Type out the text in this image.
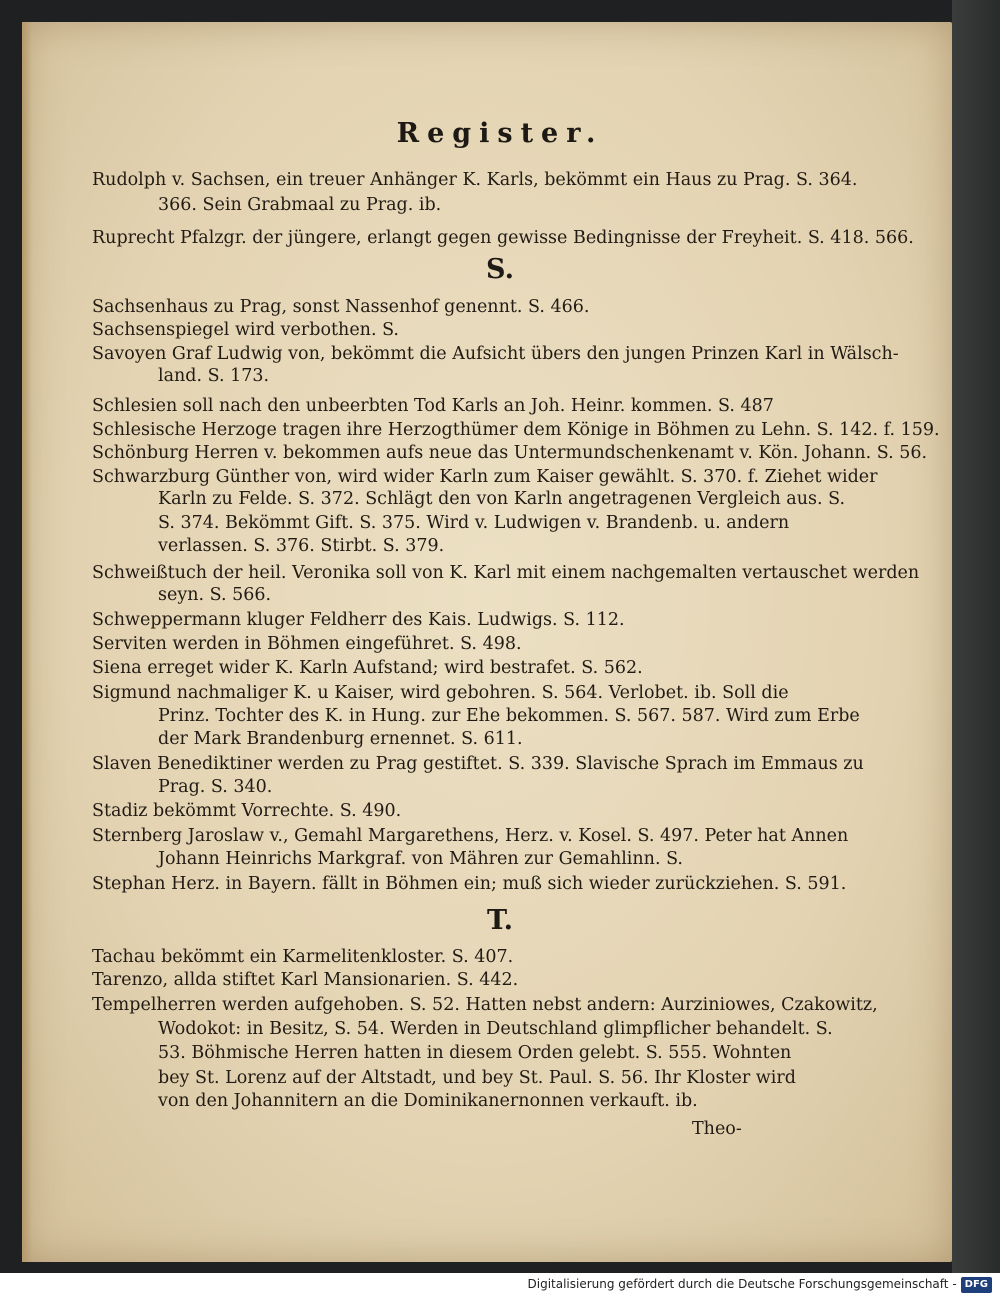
Register.
Rudolph v. Sachsen, ein treuer Anhänger K. Karls, bekömmt ein Haus zu Prag. S. 364.
366. Sein Grabmaal zu Prag. ib.
Ruprecht Pfalzgr. der jüngere, erlangt gegen gewisse Bedingnisse der Freyheit. S. 418. 566.
S.
Sachsenhaus zu Prag, sonst Nassenhof genennt. S. 466.
Sachsenspiegel wird verbothen. S.
Savoyen Graf Ludwig von, bekömmt die Aufsicht übers den jungen Prinzen Karl in Wälsch-
land. S. 173.
Schlesien soll nach den unbeerbten Tod Karls an Joh. Heinr. kommen. S. 487
Schlesische Herzoge tragen ihre Herzogthümer dem Könige in Böhmen zu Lehn. S. 142. f. 159.
Schönburg Herren v. bekommen aufs neue das Untermundschenkenamt v. Kön. Johann. S. 56.
Schwarzburg Günther von, wird wider Karln zum Kaiser gewählt. S. 370. f. Ziehet wider
Karln zu Felde. S. 372. Schlägt den von Karln angetragenen Vergleich aus. S.
S. 374. Bekömmt Gift. S. 375. Wird v. Ludwigen v. Brandenb. u. andern
verlassen. S. 376. Stirbt. S. 379.
Schweißtuch der heil. Veronika soll von K. Karl mit einem nachgemalten vertauschet werden
seyn. S. 566.
Schweppermann kluger Feldherr des Kais. Ludwigs. S. 112.
Serviten werden in Böhmen eingeführet. S. 498.
Siena erreget wider K. Karln Aufstand; wird bestrafet. S. 562.
Sigmund nachmaliger K. u Kaiser, wird gebohren. S. 564. Verlobet. ib. Soll die
Prinz. Tochter des K. in Hung. zur Ehe bekommen. S. 567. 587. Wird zum Erbe
der Mark Brandenburg ernennet. S. 611.
Slaven Benediktiner werden zu Prag gestiftet. S. 339. Slavische Sprach im Emmaus zu
Prag. S. 340.
Stadiz bekömmt Vorrechte. S. 490.
Sternberg Jaroslaw v., Gemahl Margarethens, Herz. v. Kosel. S. 497. Peter hat Annen
Johann Heinrichs Markgraf. von Mähren zur Gemahlinn. S.
Stephan Herz. in Bayern. fällt in Böhmen ein; muß sich wieder zurückziehen. S. 591.
T.
Tachau bekömmt ein Karmelitenkloster. S. 407.
Tarenzo, allda stiftet Karl Mansionarien. S. 442.
Tempelherren werden aufgehoben. S. 52. Hatten nebst andern: Aurziniowes, Czakowitz,
Wodokot: in Besitz, S. 54. Werden in Deutschland glimpflicher behandelt. S.
53. Böhmische Herren hatten in diesem Orden gelebt. S. 555. Wohnten
bey St. Lorenz auf der Altstadt, und bey St. Paul. S. 56. Ihr Kloster wird
von den Johannitern an die Dominikanernonnen verkauft. ib.
Theo-
Digitalisierung gefördert durch die Deutsche Forschungsgemeinschaft - DFG
